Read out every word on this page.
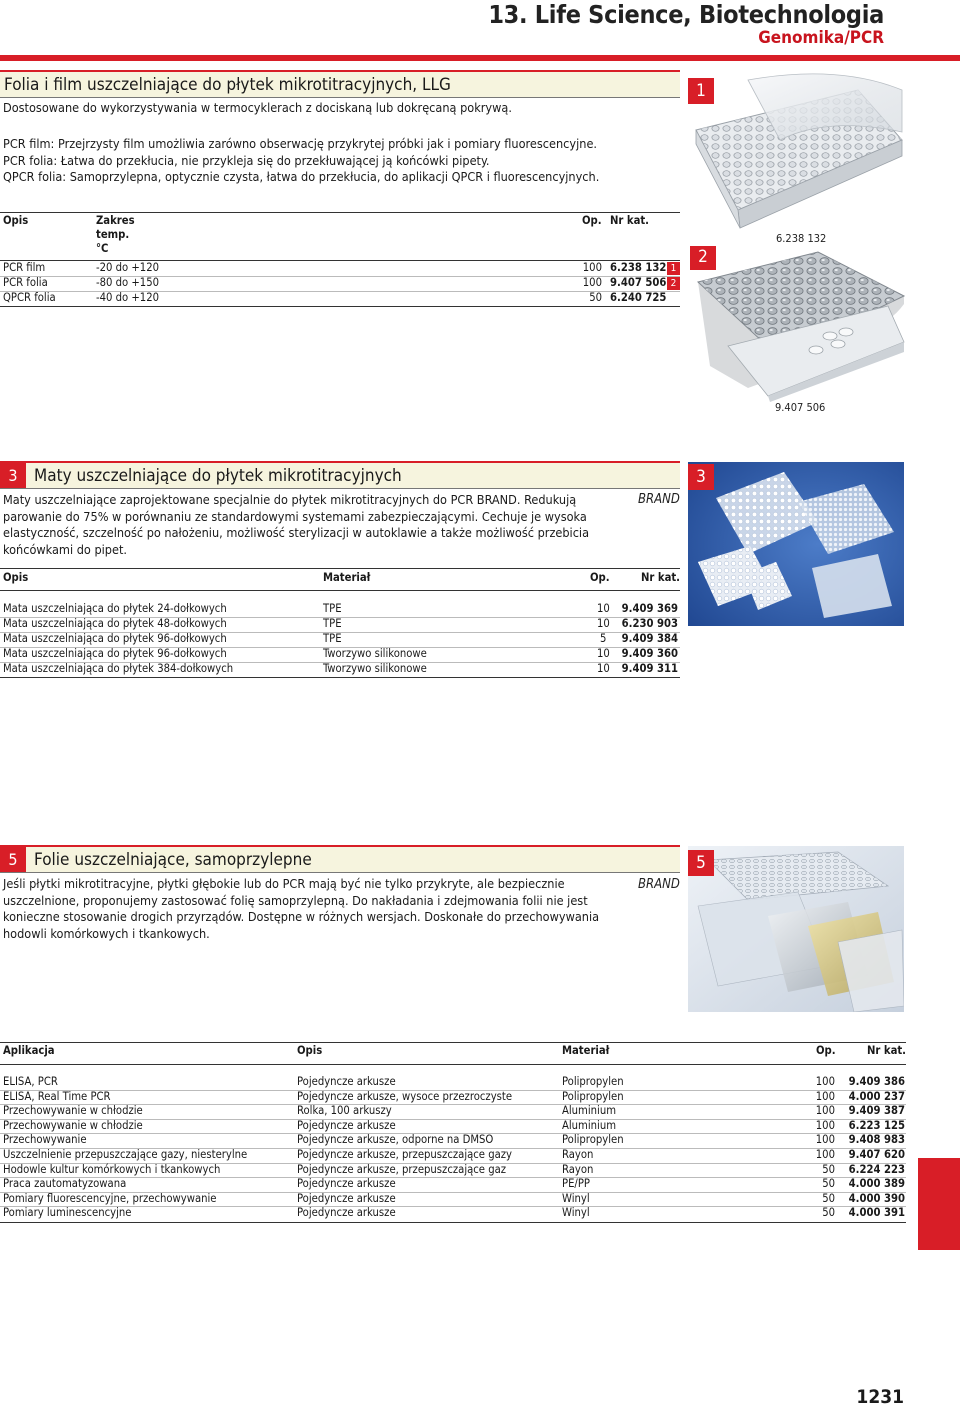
13. Life Science, Biotechnologia
Genomika/PCR
Folia i film uszczelniające do płytek mikrotitracyjnych, LLG

Dostosowane do wykorzystywania w termocyklerach z dociskaną lub dokręcaną pokrywą.

PCR film: Przejrzysty film umożliwia zarówno obserwację przykrytej próbki jak i pomiary fluorescencyjne.

PCR folia: Łatwa do przekłucia, nie przykleja się do przekłuwającej ją końcówki pipety.

QPCR folia: Samoprzylepna, optycznie czysta, łatwa do przekłucia, do aplikacji QPCR i fluorescencyjnych.

Opis	Zakres
temp.
°C
Op. Nr kat.
PCR film	-20 do +120	100 6.238 132 1
PCR folia	-80 do +150	100 9.407 506 2
QPCR folia	-40 do +120	50 6.240 725
1
6.238 132
2
9.407 506
3 Maty uszczelniające do płytek mikrotitracyjnych

Maty uszczelniające zaprojektowane specjalnie do płytek mikrotitracyjnych do PCR BRAND. Redukują

parowanie do 75% w porównaniu ze standardowymi systemami zabezpieczającymi. Cechuje je wysoka

elastyczność, szczelność po nałożeniu, możliwość sterylizacji w autoklawie a także możliwość przebicia

końcówkami do pipet.

BRAND
Opis	Materiał	Op.	Nr kat.
Mata uszczelniająca do płytek 24-dołkowych	TPE	10	9.409 369
Mata uszczelniająca do płytek 48-dołkowych	TPE	10	6.230 903
Mata uszczelniająca do płytek 96-dołkowych	TPE	5	9.409 384
Mata uszczelniająca do płytek 96-dołkowych	Tworzywo silikonowe	10	9.409 360
Mata uszczelniająca do płytek 384-dołkowych	Tworzywo silikonowe	10	9.409 311
3
5 Folie uszczelniające, samoprzylepne

Jeśli płytki mikrotitracyjne, płytki głębokie lub do PCR mają być nie tylko przykryte, ale bezpiecznie

uszczelnione, proponujemy zastosować folię samoprzylepną. Do nakładania i zdejmowania folii nie jest

konieczne stosowanie drogich przyrządów. Dostępne w różnych wersjach. Doskonałe do przechowywania

hodowli komórkowych i tkankowych.

BRAND
5
Aplikacja	Opis	Materiał	Op.	Nr kat.
ELISA, PCR	Pojedyncze arkusze	Polipropylen	100	9.409 386
ELISA, Real Time PCR	Pojedyncze arkusze, wysoce przezroczyste	Polipropylen	100	4.000 237
Przechowywanie w chłodzie	Rolka, 100 arkuszy	Aluminium	100	9.409 387
Przechowywanie w chłodzie	Pojedyncze arkusze	Aluminium	100	6.223 125
Przechowywanie	Pojedyncze arkusze, odporne na DMSO	Polipropylen	100	9.408 983
Uszczelnienie przepuszczające gazy, niesterylne	Pojedyncze arkusze, przepuszczające gazy	Rayon	100	9.407 620
Hodowle kultur komórkowych i tkankowych	Pojedyncze arkusze, przepuszczające gaz	Rayon	50	6.224 223
Praca zautomatyzowana	Pojedyncze arkusze	PE/PP	50	4.000 389
Pomiary fluorescencyjne, przechowywanie	Pojedyncze arkusze	Winyl	50	4.000 390
Pomiary luminescencyjne	Pojedyncze arkusze	Winyl	50	4.000 391
1231
